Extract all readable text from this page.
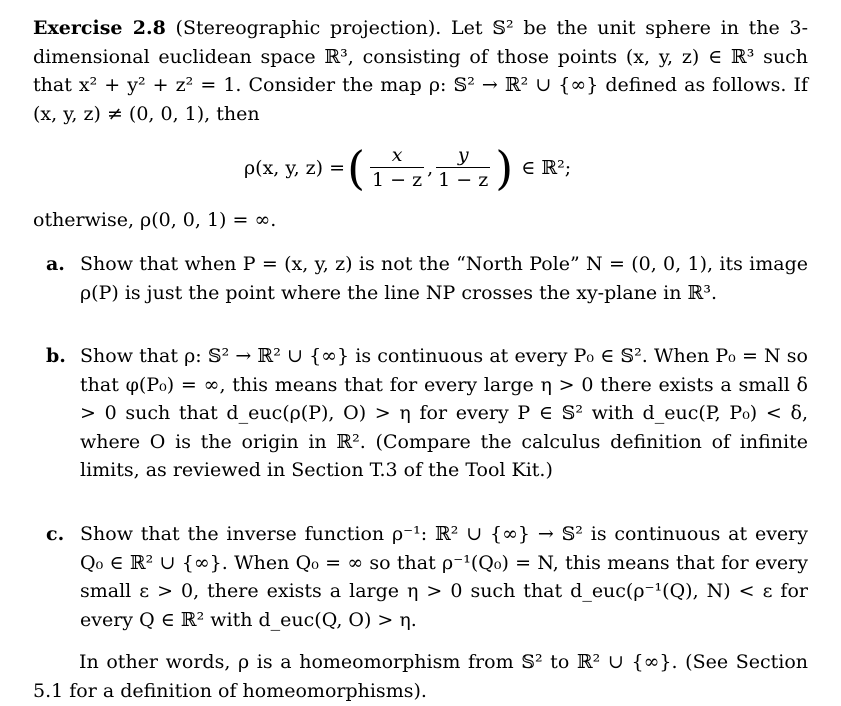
Exercise 2.8 (Stereographic projection). Let 𝕊² be the unit sphere in the 3-dimensional euclidean space ℝ³, consisting of those points (x, y, z) ∈ ℝ³ such that x² + y² + z² = 1. Consider the map ρ: 𝕊² → ℝ² ∪ {∞} defined as follows. If (x, y, z) ≠ (0, 0, 1), then
ρ(x, y, z) = ( $\frac{x}{1 - z}$ , $\frac{y}{1 - z}$ ) ∈ ℝ²;
otherwise, ρ(0, 0, 1) = ∞.
a. Show that when P = (x, y, z) is not the “North Pole” N = (0, 0, 1), its image ρ(P) is just the point where the line NP crosses the xy-plane in ℝ³.
b. Show that ρ: 𝕊² → ℝ² ∪ {∞} is continuous at every P₀ ∈ 𝕊². When P₀ = N so that φ(P₀) = ∞, this means that for every large η > 0 there exists a small δ > 0 such that d_euc(ρ(P), O) > η for every P ∈ 𝕊² with d_euc(P, P₀) < δ, where O is the origin in ℝ². (Compare the calculus definition of infinite limits, as reviewed in Section T.3 of the Tool Kit.)
c. Show that the inverse function ρ⁻¹: ℝ² ∪ {∞} → 𝕊² is continuous at every Q₀ ∈ ℝ² ∪ {∞}. When Q₀ = ∞ so that ρ⁻¹(Q₀) = N, this means that for every small ε > 0, there exists a large η > 0 such that d_euc(ρ⁻¹(Q), N) < ε for every Q ∈ ℝ² with d_euc(Q, O) > η.
In other words, ρ is a homeomorphism from 𝕊² to ℝ² ∪ {∞}. (See Section 5.1 for a definition of homeomorphisms).
